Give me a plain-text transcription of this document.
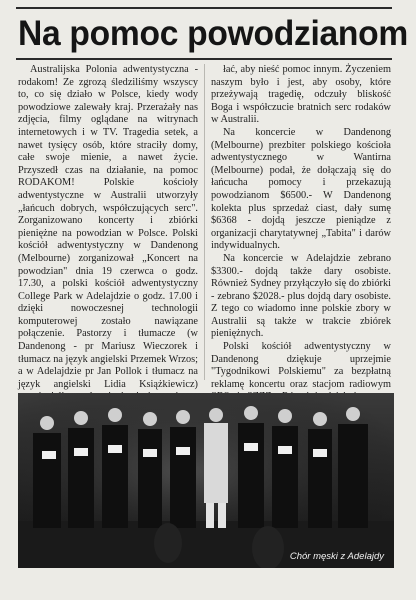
Na pomoc powodzianom

Australijska Polonia adwentystyczna - rodakom! Ze zgrozą śledziliśmy wszyscy to, co się działo w Polsce, kiedy wody powodziowe zalewały kraj. Przerażały nas zdjęcia, filmy oglądane na witrynach internetowych i w TV. Tragedia setek, a nawet tysięcy osób, które straciły domy, całe swoje mienie, a nawet życie. Przyszedł czas na działanie, na pomoc RODAKOM! Polskie kościoły adwentystyczne w Australii utworzyły „łańcuch dobrych, współczujących serc". Zorganizowano koncerty i zbiórki pieniężne na powodzian w Polsce. Polski kościół adwentystyczny w Dandenong (Melbourne) zorganizował „Koncert na powodzian" dnia 19 czerwca o godz. 17.30, a polski kościół adwentystyczny College Park w Adelajdzie o godz. 17.00 i dzięki nowoczesnej technologii komputerowej zostało nawiązane połączenie. Pastorzy i tłumacze (w Dandenong - pr Mariusz Wieczorek i tłumacz na język angielski Przemek Wrzos; a w Adelajdzie pr Jan Pollok i tłumacz na język angielski Lidia Książkiewicz)

łać, aby nieść pomoc innym. Życzeniem naszym było i jest, aby osoby, które przeżywają tragedię, odczuły bliskość Boga i współczucie bratnich serc rodaków w Australii.

Na koncercie w Dandenong (Melbourne) prezbiter polskiego kościoła adwentystycznego w Wantirna (Melbourne) podał, że dołączają się do łańcucha pomocy i przekazują powodzianom $6500.- W Dandenong kolekta plus sprzedaż ciast, dały sumę $6368 - dojdą jeszcze pieniądze z organizacji charytatywnej „Tabita" i darów indywidualnych.

Na koncercie w Adelajdzie zebrano $3300.- dojdą także dary osobiste. Również Sydney przyłączyło się do zbiórki - zebrano $2028.- plus dojdą dary osobiste. Z tego co wiadomo inne polskie zbory w Australii są także w trakcie zbiórek pieniężnych.

Polski kościół adwentystyczny w Dandenong dziękuje uprzejmie "Tygodnikowi Polskiemu" za bezpłatną reklamę koncertu oraz stacjom radiowym

Chór męski z Adelajdy
